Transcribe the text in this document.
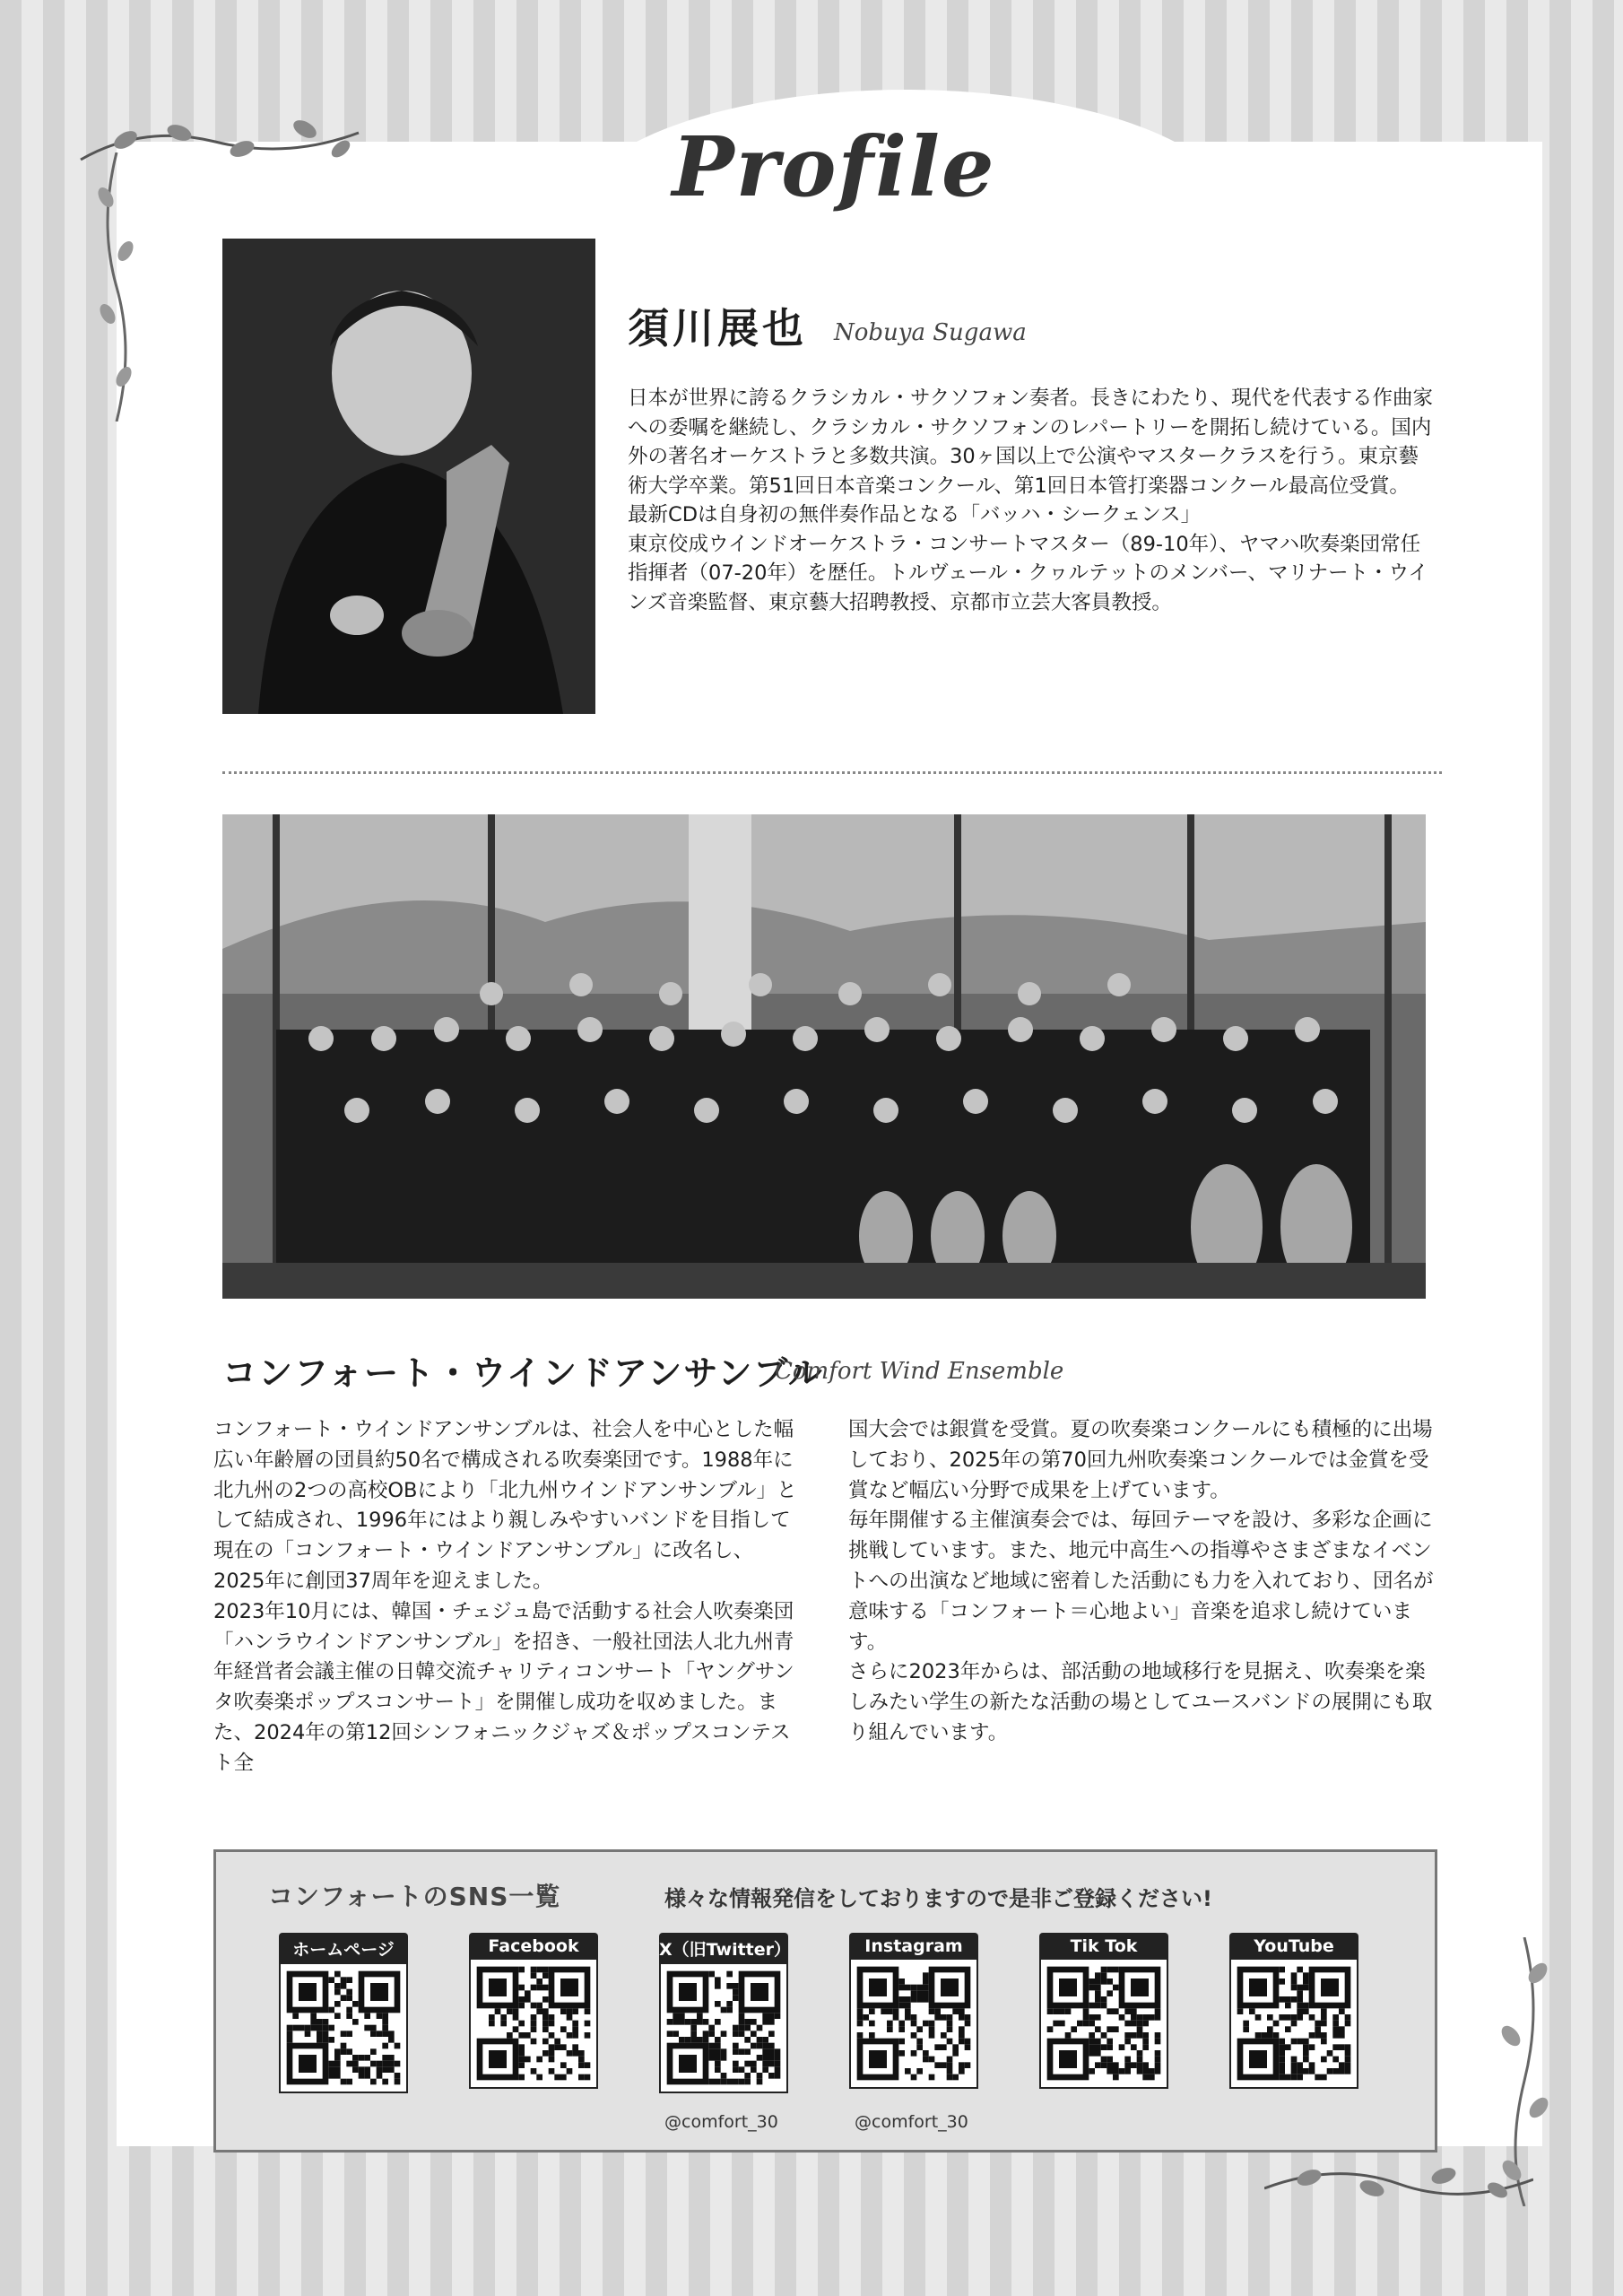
Profile
須川展也 Nobuya Sugawa

日本が世界に誇るクラシカル・サクソフォン奏者。長きにわたり、現代を代表する作曲家への委嘱を継続し、クラシカル・サクソフォンのレパートリーを開拓し続けている。国内外の著名オーケストラと多数共演。30ヶ国以上で公演やマスタークラスを行う。東京藝術大学卒業。第51回日本音楽コンクール、第1回日本管打楽器コンクール最高位受賞。

最新CDは自身初の無伴奏作品となる「バッハ・シークェンス」

東京佼成ウインドオーケストラ・コンサートマスター（89-10年）、ヤマハ吹奏楽団常任指揮者（07-20年）を歴任。トルヴェール・クヮルテットのメンバー、マリナート・ウインズ音楽監督、東京藝大招聘教授、京都市立芸大客員教授。

コンフォート・ウインドアンサンブル
Comfort Wind Ensemble

コンフォート・ウインドアンサンブルは、社会人を中心とした幅広い年齢層の団員約50名で構成される吹奏楽団です。1988年に北九州の2つの高校OBにより「北九州ウインドアンサンブル」として結成され、1996年にはより親しみやすいバンドを目指して現在の「コンフォート・ウインドアンサンブル」に改名し、2025年に創団37周年を迎えました。

2023年10月には、韓国・チェジュ島で活動する社会人吹奏楽団「ハンラウインドアンサンブル」を招き、一般社団法人北九州青年経営者会議主催の日韓交流チャリティコンサート「ヤングサンタ吹奏楽ポップスコンサート」を開催し成功を収めました。また、2024年の第12回シンフォニックジャズ＆ポップスコンテスト全

国大会では銀賞を受賞。夏の吹奏楽コンクールにも積極的に出場しており、2025年の第70回九州吹奏楽コンクールでは金賞を受賞など幅広い分野で成果を上げています。

毎年開催する主催演奏会では、毎回テーマを設け、多彩な企画に挑戦しています。また、地元中高生への指導やさまざまなイベントへの出演など地域に密着した活動にも力を入れており、団名が意味する「コンフォート＝心地よい」音楽を追求し続けています。

さらに2023年からは、部活動の地域移行を見据え、吹奏楽を楽しみたい学生の新たな活動の場としてユースバンドの展開にも取り組んでいます。

コンフォートのSNS一覧	様々な情報発信をしておりますので是非ご登録ください!
ホームページ	Facebook	X（旧Twitter）	Instagram	Tik Tok	YouTube
@comfort_30	@comfort_30
